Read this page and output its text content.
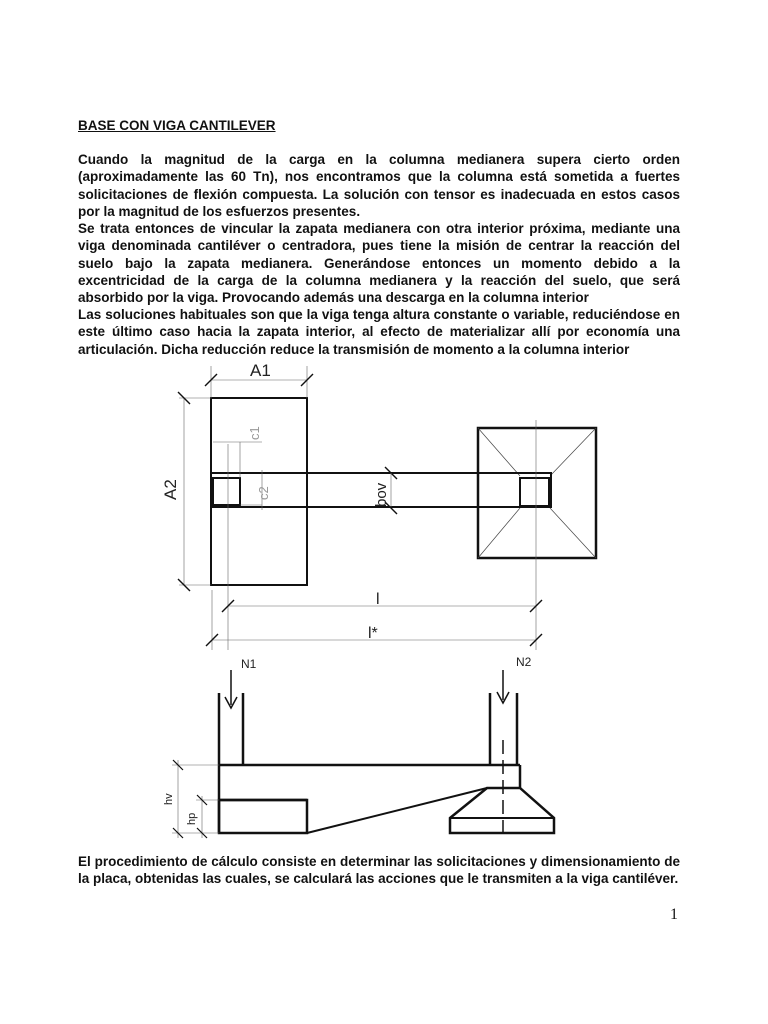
BASE CON VIGA CANTILEVER

Cuando la magnitud de la carga en la columna medianera supera cierto orden (aproximadamente las 60 Tn), nos encontramos que la columna está sometida a fuertes solicitaciones de flexión compuesta. La solución con tensor es inadecuada en estos casos por la magnitud de los esfuerzos presentes.

Se trata entonces de vincular la zapata medianera con otra interior próxima, mediante una viga denominada cantiléver o centradora, pues tiene la misión de centrar la reacción del suelo bajo la zapata medianera. Generándose entonces un momento debido a la excentricidad de la carga de la columna medianera y la reacción del suelo, que será absorbido por la viga. Provocando además una descarga en la columna interior

Las soluciones habituales son que la viga tenga altura constante o variable, reduciéndose en este último caso hacia la zapata interior, al efecto de materializar allí por economía una articulación. Dicha reducción reduce la transmisión de momento a la columna interior

A1
A2
c1
c2	bov
l
l*
N1	N2
hv
hp

El procedimiento de cálculo consiste en determinar las solicitaciones y dimensionamiento de la placa, obtenidas las cuales, se calculará las acciones que le transmiten a la viga cantiléver.

1
